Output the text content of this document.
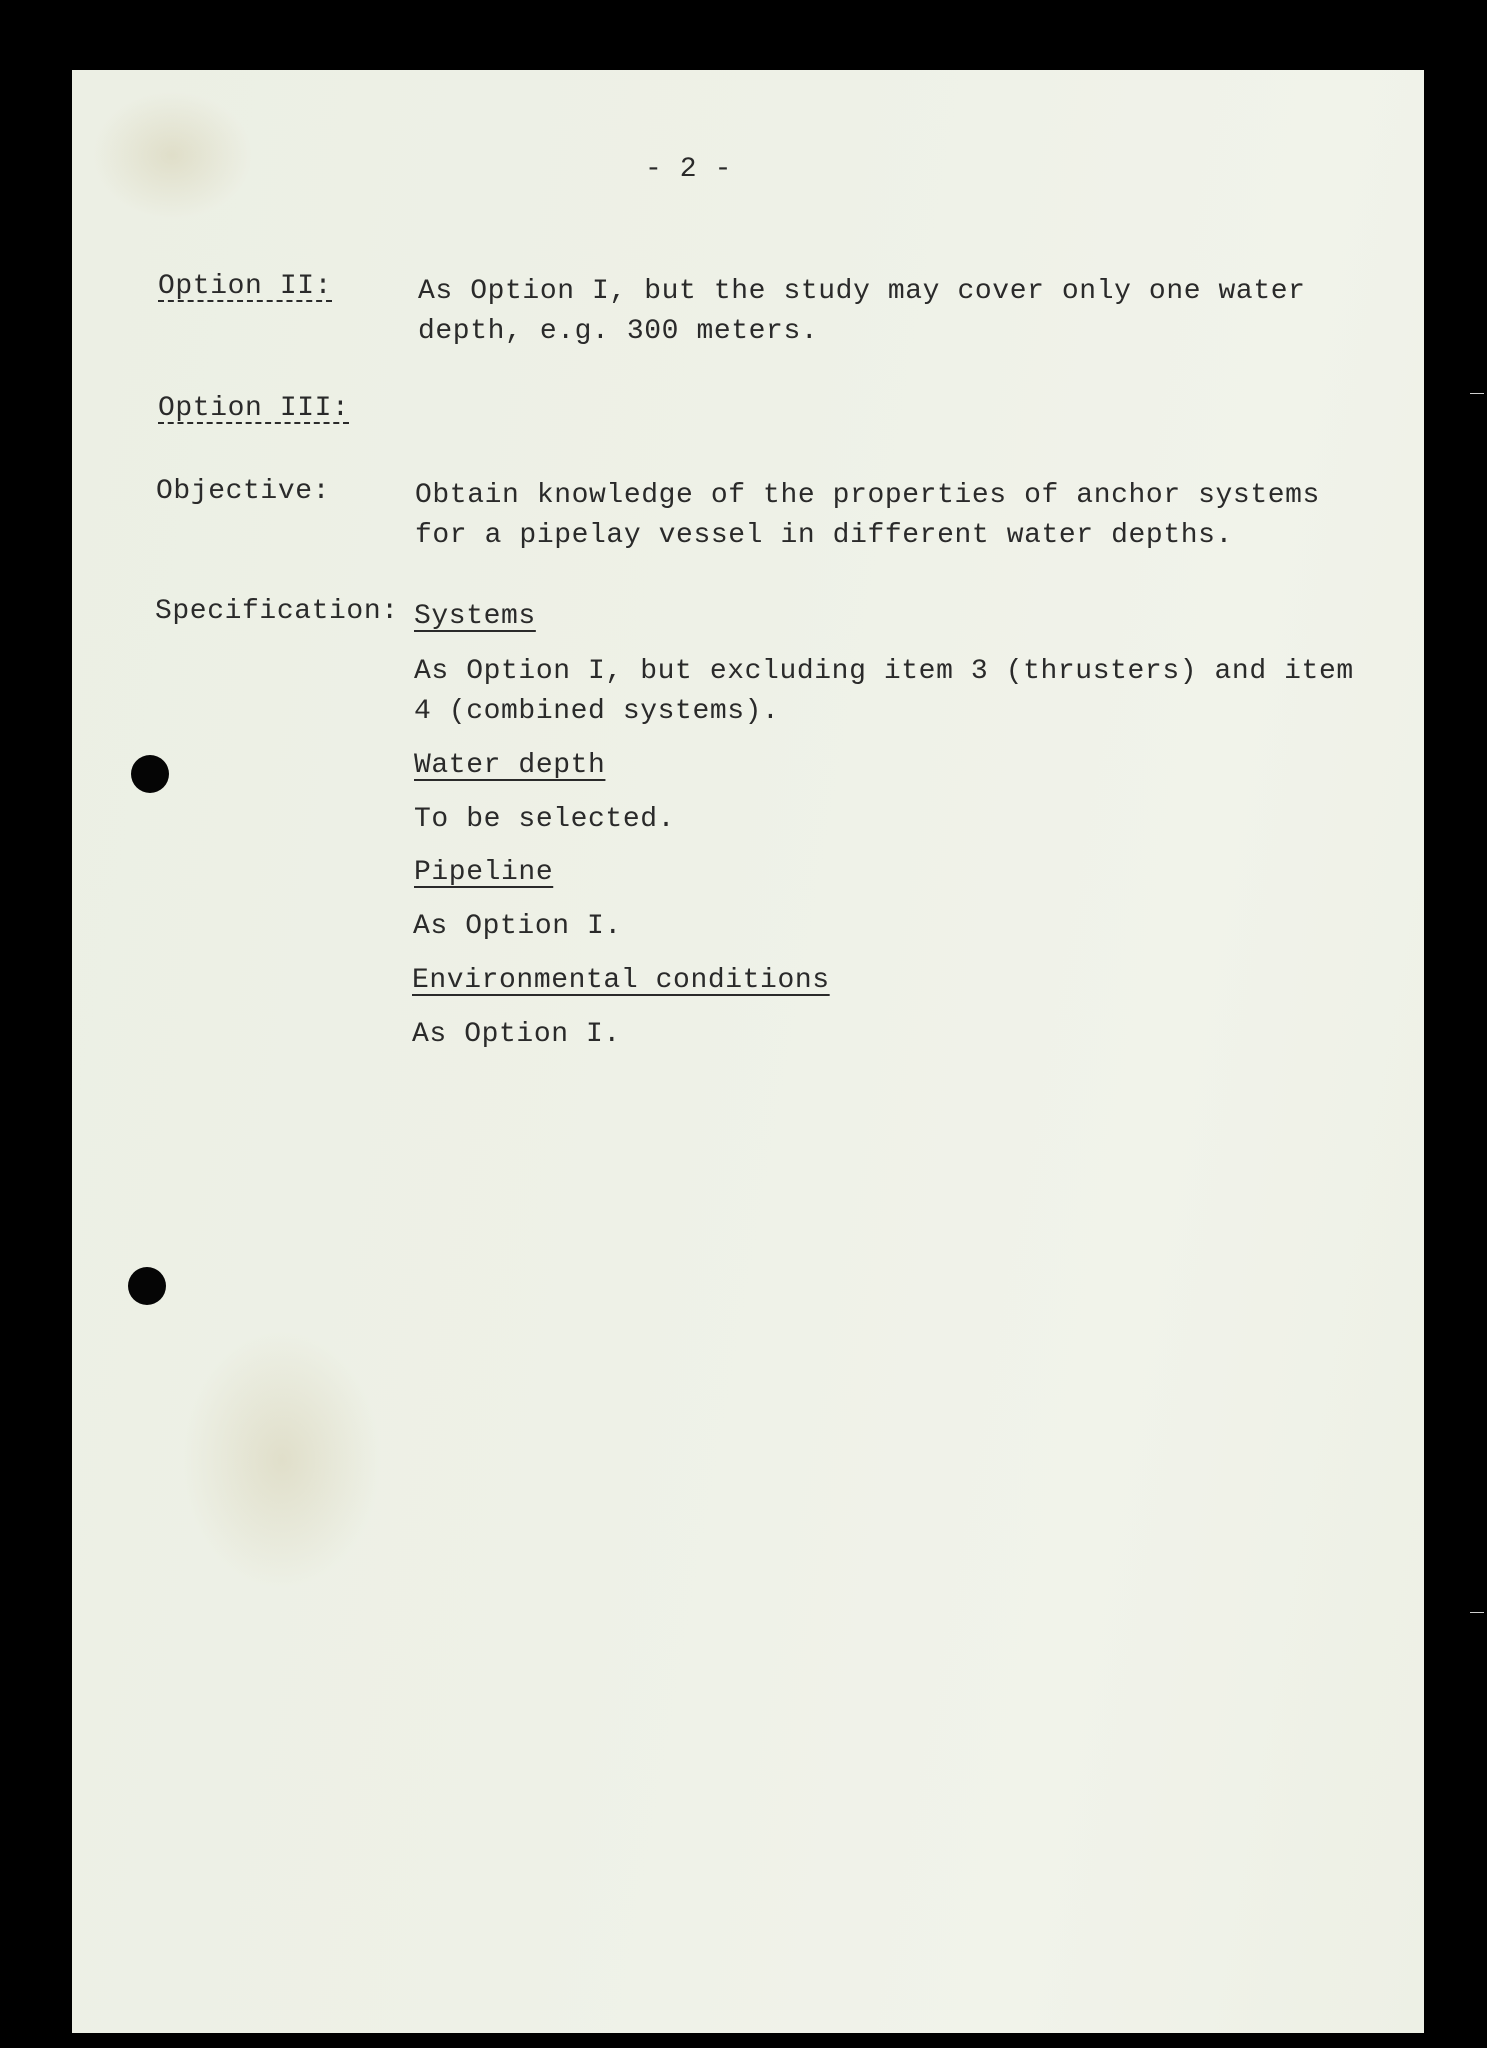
- 2 -

Option II:	As Option I, but the study may cover only one water

depth, e.g. 300 meters.

Option III:

Objective:	Obtain knowledge of the properties of anchor systems

for a pipelay vessel in different water depths.

Specification: Systems

As Option I, but excluding item 3 (thrusters) and item

4 (combined systems).

Water depth

To be selected.

Pipeline

As Option I.

Environmental conditions

As Option I.
